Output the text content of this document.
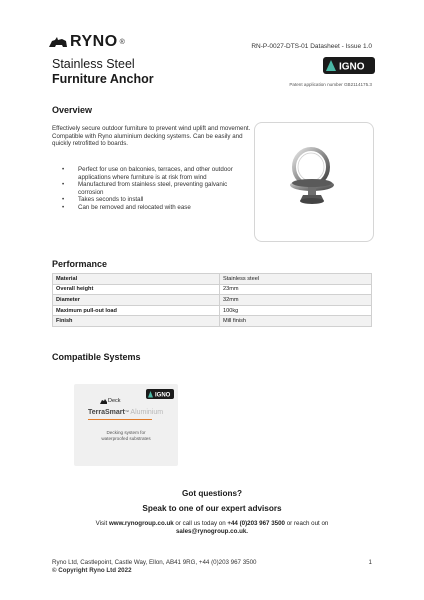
RYNO ®
RN-P-0027-DTS-01 Datasheet - Issue 1.0
Stainless Steel
Furniture Anchor
IGNO
Patent application number GB2114175.3
Overview
Effectively secure outdoor furniture to prevent wind uplift and movement. Compatible with Ryno aluminium decking systems. Can be easily and quickly retrofitted to boards.
• Perfect for use on balconies, terraces, and other outdoor applications where furniture is at risk from wind
• Manufactured from stainless steel, preventing galvanic corrosion
• Takes seconds to install
• Can be removed and relocated with ease
Performance
Material	Stainless steel
Overall height	23mm
Diameter	32mm
Maximum pull-out load	100kg
Finish	Mill finish
Compatible Systems
IGNO
Deck
TerraSmart™ Aluminium
Decking system for
waterproofed substrates
Got questions?
Speak to one of our expert advisors
Visit www.rynogroup.co.uk or call us today on +44 (0)203 967 3500 or reach out on
sales@rynogroup.co.uk.
Ryno Ltd, Castlepoint, Castle Way, Ellon, AB41 9RG, +44 (0)203 967 3500
© Copyright Ryno Ltd 2022
1
